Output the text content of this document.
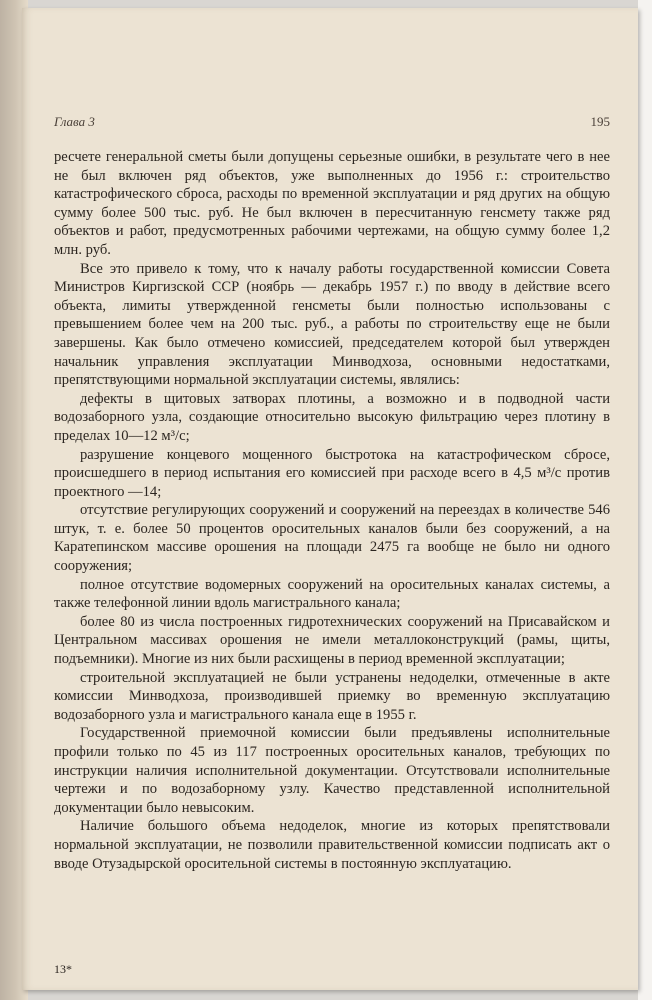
Глава 3	195

ресчете генеральной сметы были допущены серьезные ошибки, в результате чего в нее не был включен ряд объектов, уже выполненных до 1956 г.: строительство катастрофического сброса, расходы по временной эксплуатации и ряд других на общую сумму более 500 тыс. руб. Не был включен в пересчитанную генсмету также ряд объектов и работ, предусмотренных рабочими чертежами, на общую сумму более 1,2 млн. руб.

Все это привело к тому, что к началу работы государственной комиссии Совета Министров Киргизской ССР (ноябрь — декабрь 1957 г.) по вводу в действие всего объекта, лимиты утвержденной генсметы были полностью использованы с превышением более чем на 200 тыс. руб., а работы по строительству еще не были завершены. Как было отмечено комиссией, председателем которой был утвержден начальник управления эксплуатации Минводхоза, основными недостатками, препятствующими нормальной эксплуатации системы, являлись:

дефекты в щитовых затворах плотины, а возможно и в подводной части водозаборного узла, создающие относительно высокую фильтрацию через плотину в пределах 10—12 м³/с;

разрушение концевого мощенного быстротока на катастрофическом сбросе, происшедшего в период испытания его комиссией при расходе всего в 4,5 м³/с против проектного —14;

отсутствие регулирующих сооружений и сооружений на переездах в количестве 546 штук, т. е. более 50 процентов оросительных каналов были без сооружений, а на Каратепинском массиве орошения на площади 2475 га вообще не было ни одного сооружения;

полное отсутствие водомерных сооружений на оросительных каналах системы, а также телефонной линии вдоль магистрального канала;

более 80 из числа построенных гидротехнических сооружений на Присавайском и Центральном массивах орошения не имели металлоконструкций (рамы, щиты, подъемники). Многие из них были расхищены в период временной эксплуатации;

строительной эксплуатацией не были устранены недоделки, отмеченные в акте комиссии Минводхоза, производившей приемку во временную эксплуатацию водозаборного узла и магистрального канала еще в 1955 г.

Государственной приемочной комиссии были предъявлены исполнительные профили только по 45 из 117 построенных оросительных каналов, требующих по инструкции наличия исполнительной документации. Отсутствовали исполнительные чертежи и по водозаборному узлу. Качество представленной исполнительной документации было невысоким.

Наличие большого объема недоделок, многие из которых препятствовали нормальной эксплуатации, не позволили правительственной комиссии подписать акт о вводе Отузадырской оросительной системы в постоянную эксплуатацию.

13*
